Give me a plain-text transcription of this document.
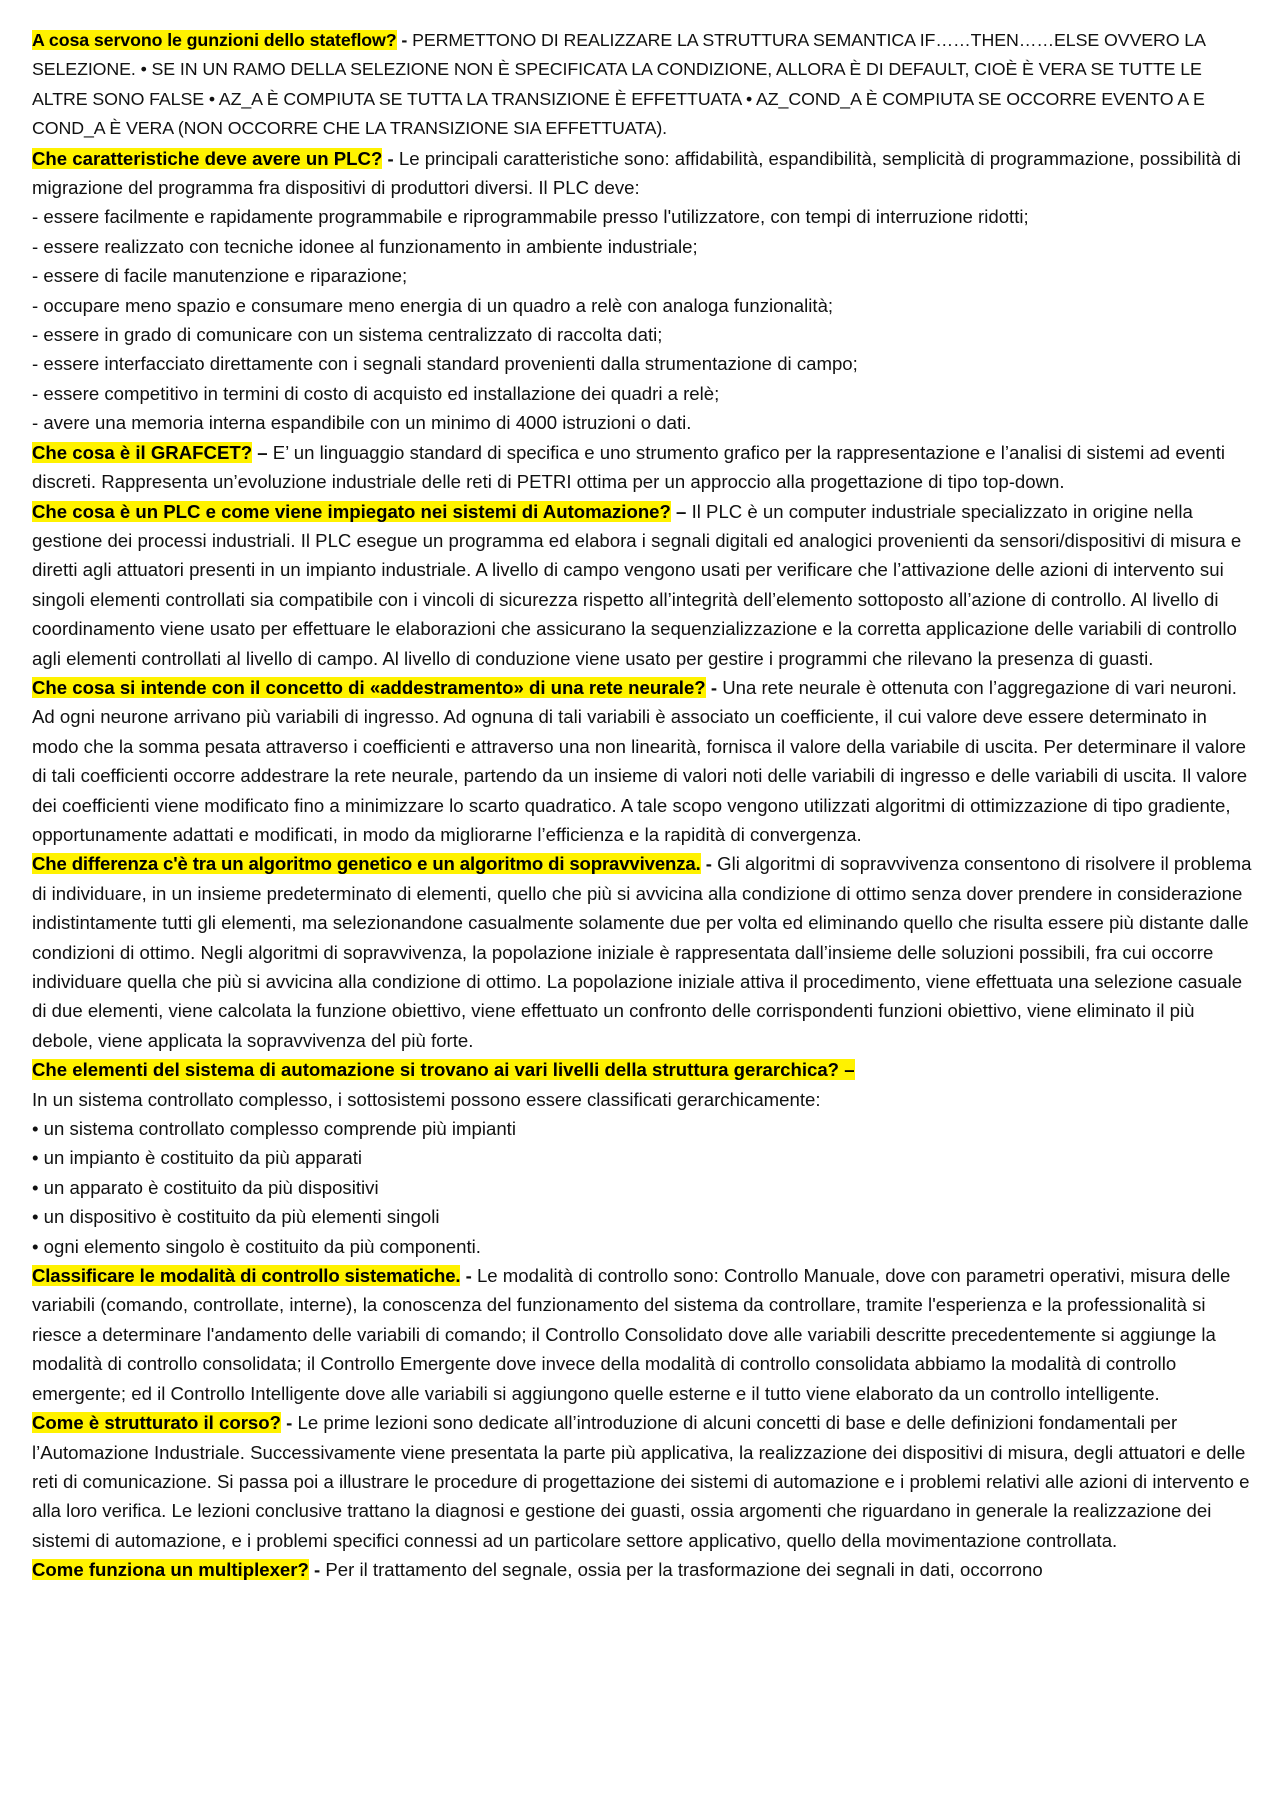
A cosa servono le gunzioni dello stateflow? - PERMETTONO DI REALIZZARE LA STRUTTURA SEMANTICA IF……THEN……ELSE OVVERO LA SELEZIONE. • SE IN UN RAMO DELLA SELEZIONE NON È SPECIFICATA LA CONDIZIONE, ALLORA È DI DEFAULT, CIOÈ È VERA SE TUTTE LE ALTRE SONO FALSE • AZ_A È COMPIUTA SE TUTTA LA TRANSIZIONE È EFFETTUATA • AZ_COND_A È COMPIUTA SE OCCORRE EVENTO A E COND_A È VERA (NON OCCORRE CHE LA TRANSIZIONE SIA EFFETTUATA).
Che caratteristiche deve avere un PLC? - Le principali caratteristiche sono: affidabilità, espandibilità, semplicità di programmazione, possibilità di migrazione del programma fra dispositivi di produttori diversi. Il PLC deve:
- essere facilmente e rapidamente programmabile e riprogrammabile presso l'utilizzatore, con tempi di interruzione ridotti;
- essere realizzato con tecniche idonee al funzionamento in ambiente industriale;
- essere di facile manutenzione e riparazione;
- occupare meno spazio e consumare meno energia di un quadro a relè con analoga funzionalità;
- essere in grado di comunicare con un sistema centralizzato di raccolta dati;
- essere interfacciato direttamente con i segnali standard provenienti dalla strumentazione di campo;
- essere competitivo in termini di costo di acquisto ed installazione dei quadri a relè;
- avere una memoria interna espandibile con un minimo di 4000 istruzioni o dati.
Che cosa è il GRAFCET? – E’ un linguaggio standard di specifica e uno strumento grafico per la rappresentazione e l’analisi di sistemi ad eventi discreti. Rappresenta un’evoluzione industriale delle reti di PETRI ottima per un approccio alla progettazione di tipo top-down.
Che cosa è un PLC e come viene impiegato nei sistemi di Automazione? – Il PLC è un computer industriale specializzato in origine nella gestione dei processi industriali. Il PLC esegue un programma ed elabora i segnali digitali ed analogici provenienti da sensori/dispositivi di misura e diretti agli attuatori presenti in un impianto industriale. A livello di campo vengono usati per verificare che l’attivazione delle azioni di intervento sui singoli elementi controllati sia compatibile con i vincoli di sicurezza rispetto all’integrità dell’elemento sottoposto all’azione di controllo. Al livello di coordinamento viene usato per effettuare le elaborazioni che assicurano la sequenzializzazione e la corretta applicazione delle variabili di controllo agli elementi controllati al livello di campo. Al livello di conduzione viene usato per gestire i programmi che rilevano la presenza di guasti.
Che cosa si intende con il concetto di «addestramento» di una rete neurale? - Una rete neurale è ottenuta con l’aggregazione di vari neuroni. Ad ogni neurone arrivano più variabili di ingresso. Ad ognuna di tali variabili è associato un coefficiente, il cui valore deve essere determinato in modo che la somma pesata attraverso i coefficienti e attraverso una non linearità, fornisca il valore della variabile di uscita. Per determinare il valore di tali coefficienti occorre addestrare la rete neurale, partendo da un insieme di valori noti delle variabili di ingresso e delle variabili di uscita. Il valore dei coefficienti viene modificato fino a minimizzare lo scarto quadratico. A tale scopo vengono utilizzati algoritmi di ottimizzazione di tipo gradiente, opportunamente adattati e modificati, in modo da migliorarne l’efficienza e la rapidità di convergenza.
Che differenza c'è tra un algoritmo genetico e un algoritmo di sopravvivenza. - Gli algoritmi di sopravvivenza consentono di risolvere il problema di individuare, in un insieme predeterminato di elementi, quello che più si avvicina alla condizione di ottimo senza dover prendere in considerazione indistintamente tutti gli elementi, ma selezionandone casualmente solamente due per volta ed eliminando quello che risulta essere più distante dalle condizioni di ottimo. Negli algoritmi di sopravvivenza, la popolazione iniziale è rappresentata dall’insieme delle soluzioni possibili, fra cui occorre individuare quella che più si avvicina alla condizione di ottimo. La popolazione iniziale attiva il procedimento, viene effettuata una selezione casuale di due elementi, viene calcolata la funzione obiettivo, viene effettuato un confronto delle corrispondenti funzioni obiettivo, viene eliminato il più debole, viene applicata la sopravvivenza del più forte.
Che elementi del sistema di automazione si trovano ai vari livelli della struttura gerarchica? –
In un sistema controllato complesso, i sottosistemi possono essere classificati gerarchicamente:
• un sistema controllato complesso comprende più impianti
• un impianto è costituito da più apparati
• un apparato è costituito da più dispositivi
• un dispositivo è costituito da più elementi singoli
• ogni elemento singolo è costituito da più componenti.
Classificare le modalità di controllo sistematiche. - Le modalità di controllo sono: Controllo Manuale, dove con parametri operativi, misura delle variabili (comando, controllate, interne), la conoscenza del funzionamento del sistema da controllare, tramite l'esperienza e la professionalità si riesce a determinare l'andamento delle variabili di comando; il Controllo Consolidato dove alle variabili descritte precedentemente si aggiunge la modalità di controllo consolidata; il Controllo Emergente dove invece della modalità di controllo consolidata abbiamo la modalità di controllo emergente; ed il Controllo Intelligente dove alle variabili si aggiungono quelle esterne e il tutto viene elaborato da un controllo intelligente.
Come è strutturato il corso? - Le prime lezioni sono dedicate all’introduzione di alcuni concetti di base e delle definizioni fondamentali per l’Automazione Industriale. Successivamente viene presentata la parte più applicativa, la realizzazione dei dispositivi di misura, degli attuatori e delle reti di comunicazione. Si passa poi a illustrare le procedure di progettazione dei sistemi di automazione e i problemi relativi alle azioni di intervento e alla loro verifica. Le lezioni conclusive trattano la diagnosi e gestione dei guasti, ossia argomenti che riguardano in generale la realizzazione dei sistemi di automazione, e i problemi specifici connessi ad un particolare settore applicativo, quello della movimentazione controllata.
Come funziona un multiplexer? - Per il trattamento del segnale, ossia per la trasformazione dei segnali in dati, occorrono
